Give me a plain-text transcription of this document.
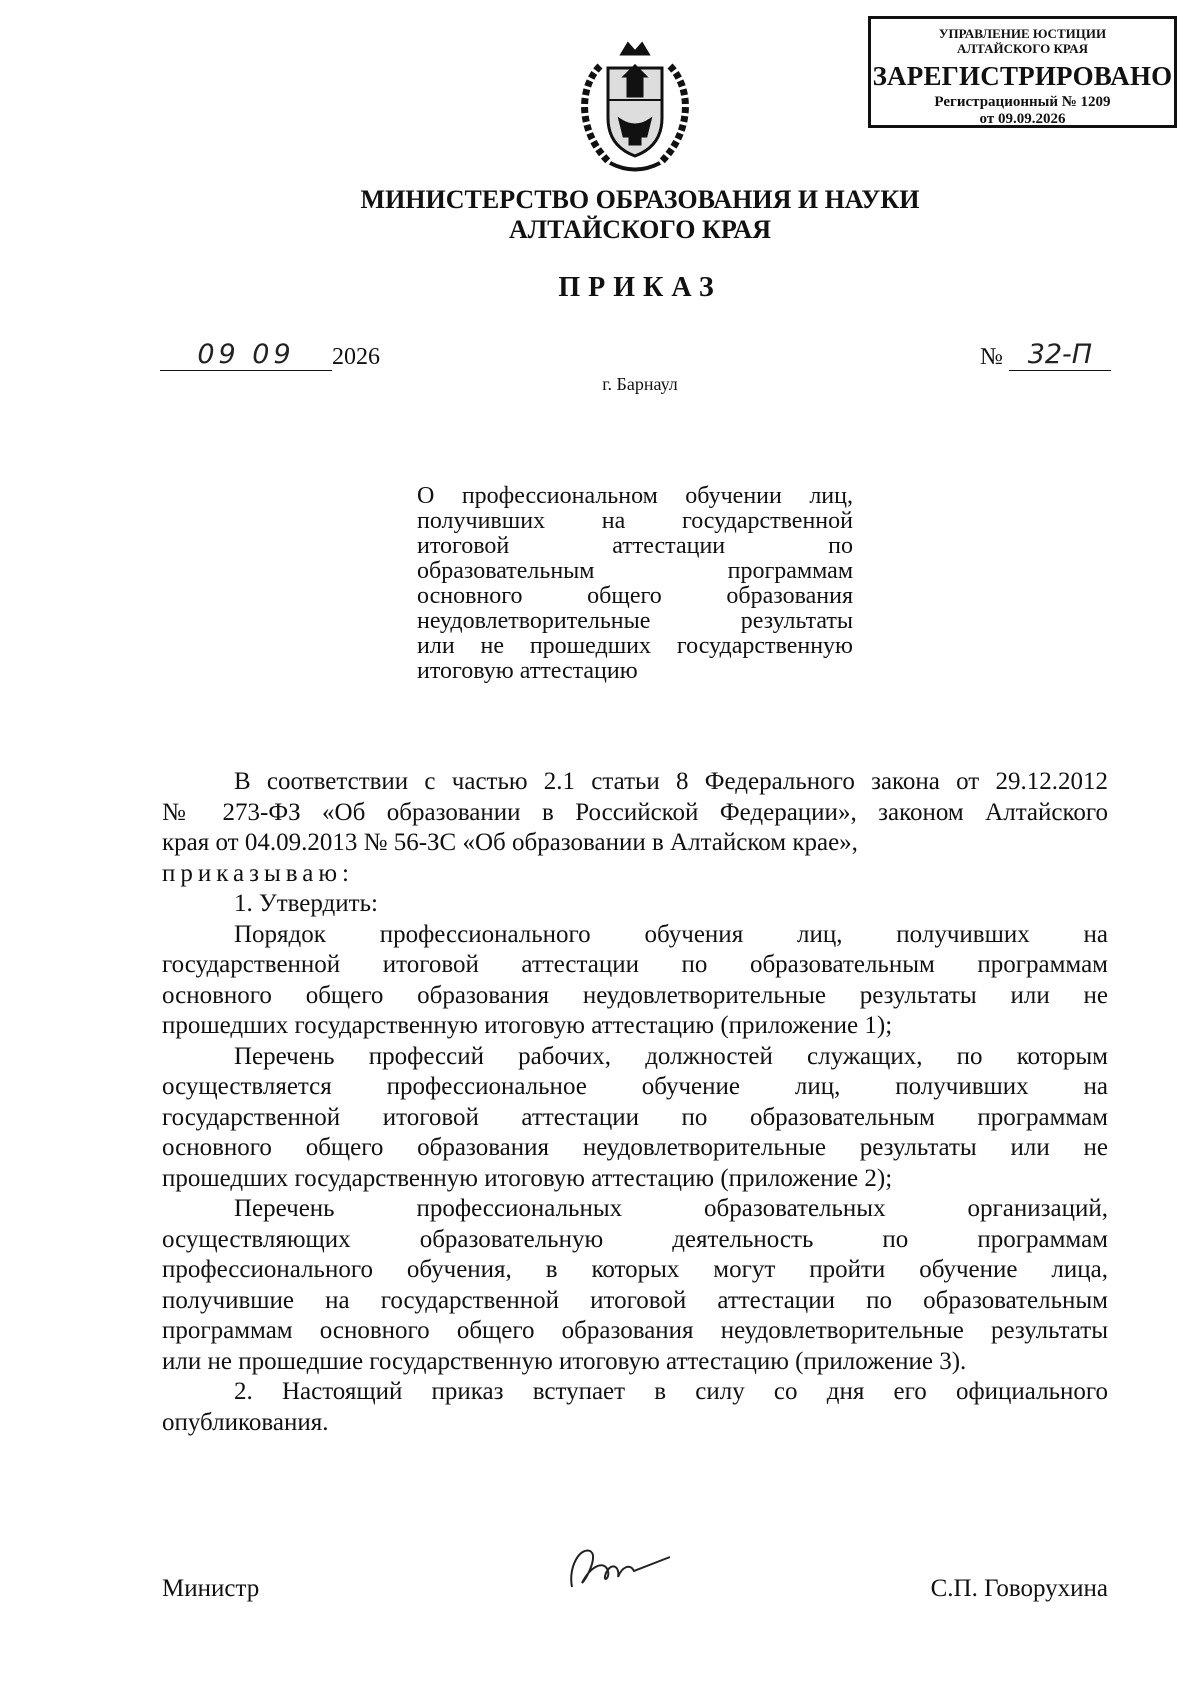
УПРАВЛЕНИЕ ЮСТИЦИИ
АЛТАЙСКОГО КРАЯ
ЗАРЕГИСТРИРОВАНО
Регистрационный № 1209
от 09.09.2026
МИНИСТЕРСТВО ОБРАЗОВАНИЯ И НАУКИ
АЛТАЙСКОГО КРАЯ
ПРИКАЗ
09 09	2026	№ 32-П
г. Барнаул
О профессиональном обучении лиц,
получивших на государственной
итоговой аттестации по
образовательным программам
основного общего образования
неудовлетворительные результаты
или не прошедших государственную
итоговую аттестацию
В соответствии с частью 2.1 статьи 8 Федерального закона от 29.12.2012
№ 273-ФЗ «Об образовании в Российской Федерации», законом Алтайского
края от 04.09.2013 № 56-ЗС «Об образовании в Алтайском крае»,
приказываю:
1. Утвердить:
Порядок профессионального обучения лиц, получивших на
государственной итоговой аттестации по образовательным программам
основного общего образования неудовлетворительные результаты или не
прошедших государственную итоговую аттестацию (приложение 1);
Перечень профессий рабочих, должностей служащих, по которым
осуществляется профессиональное обучение лиц, получивших на
государственной итоговой аттестации по образовательным программам
основного общего образования неудовлетворительные результаты или не
прошедших государственную итоговую аттестацию (приложение 2);
Перечень профессиональных образовательных организаций,
осуществляющих образовательную деятельность по программам
профессионального обучения, в которых могут пройти обучение лица,
получившие на государственной итоговой аттестации по образовательным
программам основного общего образования неудовлетворительные результаты
или не прошедшие государственную итоговую аттестацию (приложение 3).
2. Настоящий приказ вступает в силу со дня его официального
опубликования.
Министр	С.П. Говорухина
